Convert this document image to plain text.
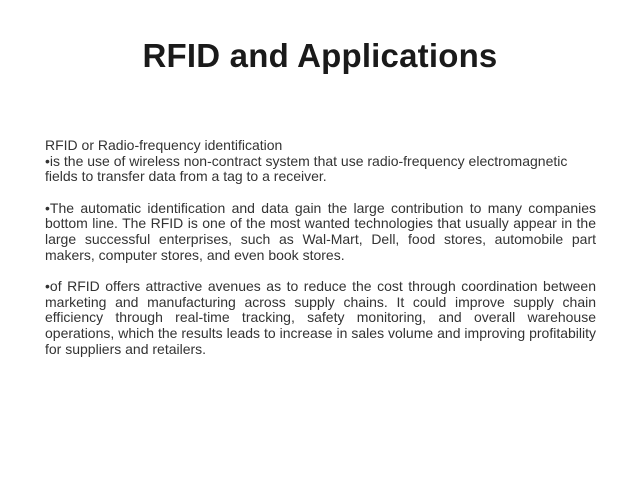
RFID and Applications

RFID or Radio-frequency identification

•is the use of wireless non-contract system that use radio-frequency electromagnetic fields to transfer data from a tag to a receiver.

•The automatic identification and data gain the large contribution to many companies bottom line. The RFID is one of the most wanted technologies that usually appear in the large successful enterprises, such as Wal-Mart, Dell, food stores, automobile part makers, computer stores, and even book stores.

•of RFID offers attractive avenues as to reduce the cost through coordination between marketing and manufacturing across supply chains. It could improve supply chain efficiency through real-time tracking, safety monitoring, and overall warehouse operations, which the results leads to increase in sales volume and improving profitability for suppliers and retailers.
